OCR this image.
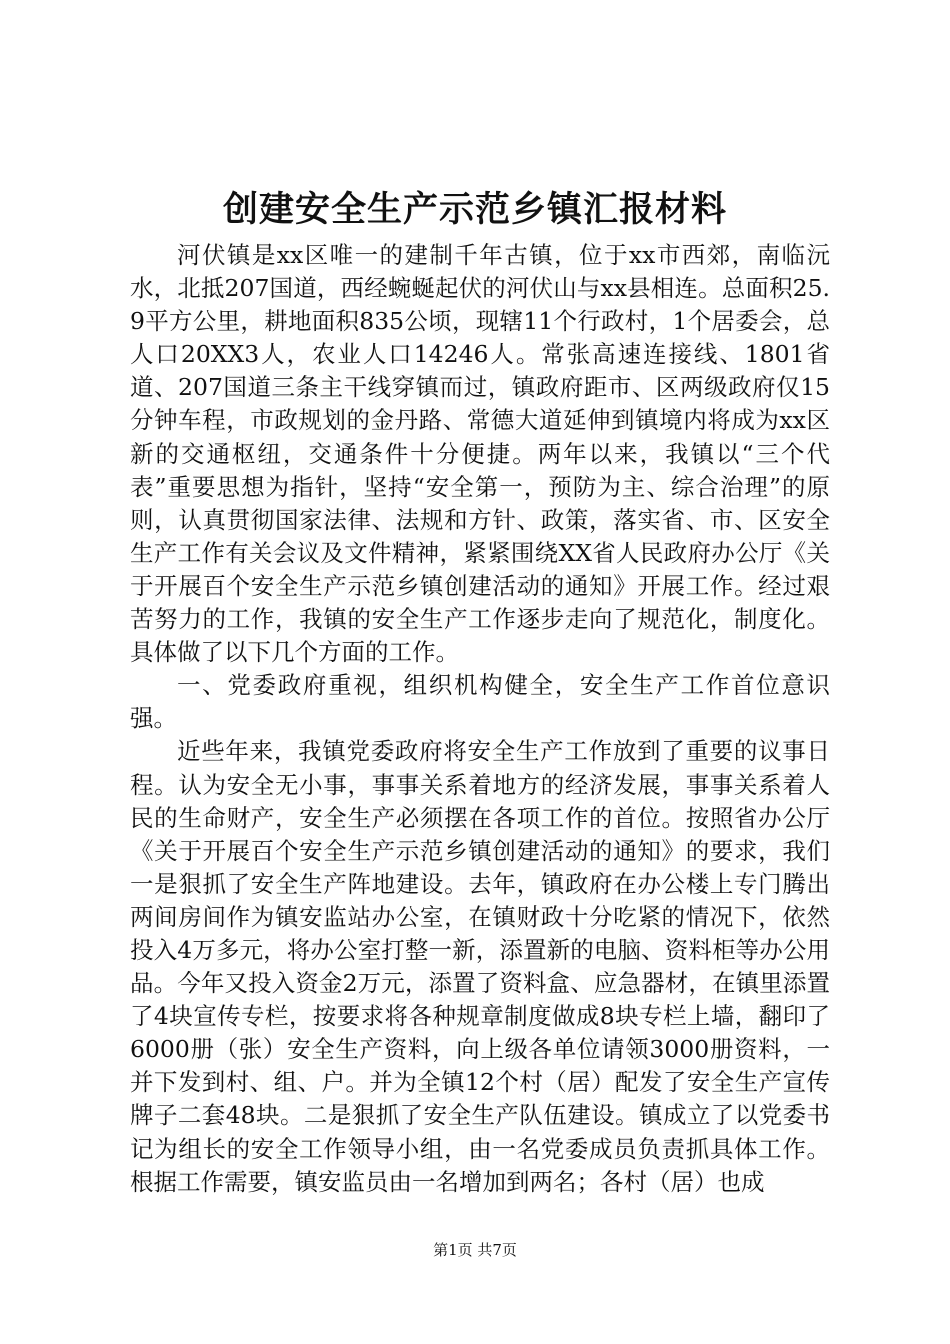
创建安全生产示范乡镇汇报材料

河伏镇是xx区唯一的建制千年古镇，位于xx市西郊，南临沅水，北抵207国道，西经蜿蜒起伏的河伏山与xx县相连。总面积25.9平方公里，耕地面积835公顷，现辖11个行政村，1个居委会，总人口20XX3人，农业人口14246人。常张高速连接线、1801省道、207国道三条主干线穿镇而过，镇政府距市、区两级政府仅15分钟车程，市政规划的金丹路、常德大道延伸到镇境内将成为xx区新的交通枢纽，交通条件十分便捷。两年以来，我镇以“三个代表”重要思想为指针，坚持“安全第一，预防为主、综合治理”的原则，认真贯彻国家法律、法规和方针、政策，落实省、市、区安全生产工作有关会议及文件精神，紧紧围绕XX省人民政府办公厅《关于开展百个安全生产示范乡镇创建活动的通知》开展工作。经过艰苦努力的工作，我镇的安全生产工作逐步走向了规范化，制度化。具体做了以下几个方面的工作。

一、党委政府重视，组织机构健全，安全生产工作首位意识强。

近些年来，我镇党委政府将安全生产工作放到了重要的议事日程。认为安全无小事，事事关系着地方的经济发展，事事关系着人民的生命财产，安全生产必须摆在各项工作的首位。按照省办公厅《关于开展百个安全生产示范乡镇创建活动的通知》的要求，我们一是狠抓了安全生产阵地建设。去年，镇政府在办公楼上专门腾出两间房间作为镇安监站办公室，在镇财政十分吃紧的情况下，依然投入4万多元，将办公室打整一新，添置新的电脑、资料柜等办公用品。今年又投入资金2万元，添置了资料盒、应急器材，在镇里添置了4块宣传专栏，按要求将各种规章制度做成8块专栏上墙，翻印了6000册（张）安全生产资料，向上级各单位请领3000册资料，一并下发到村、组、户。并为全镇12个村（居）配发了安全生产宣传牌子二套48块。二是狠抓了安全生产队伍建设。镇成立了以党委书记为组长的安全工作领导小组，由一名党委成员负责抓具体工作。根据工作需要，镇安监员由一名增加到两名；各村（居）也成

第1页 共7页
